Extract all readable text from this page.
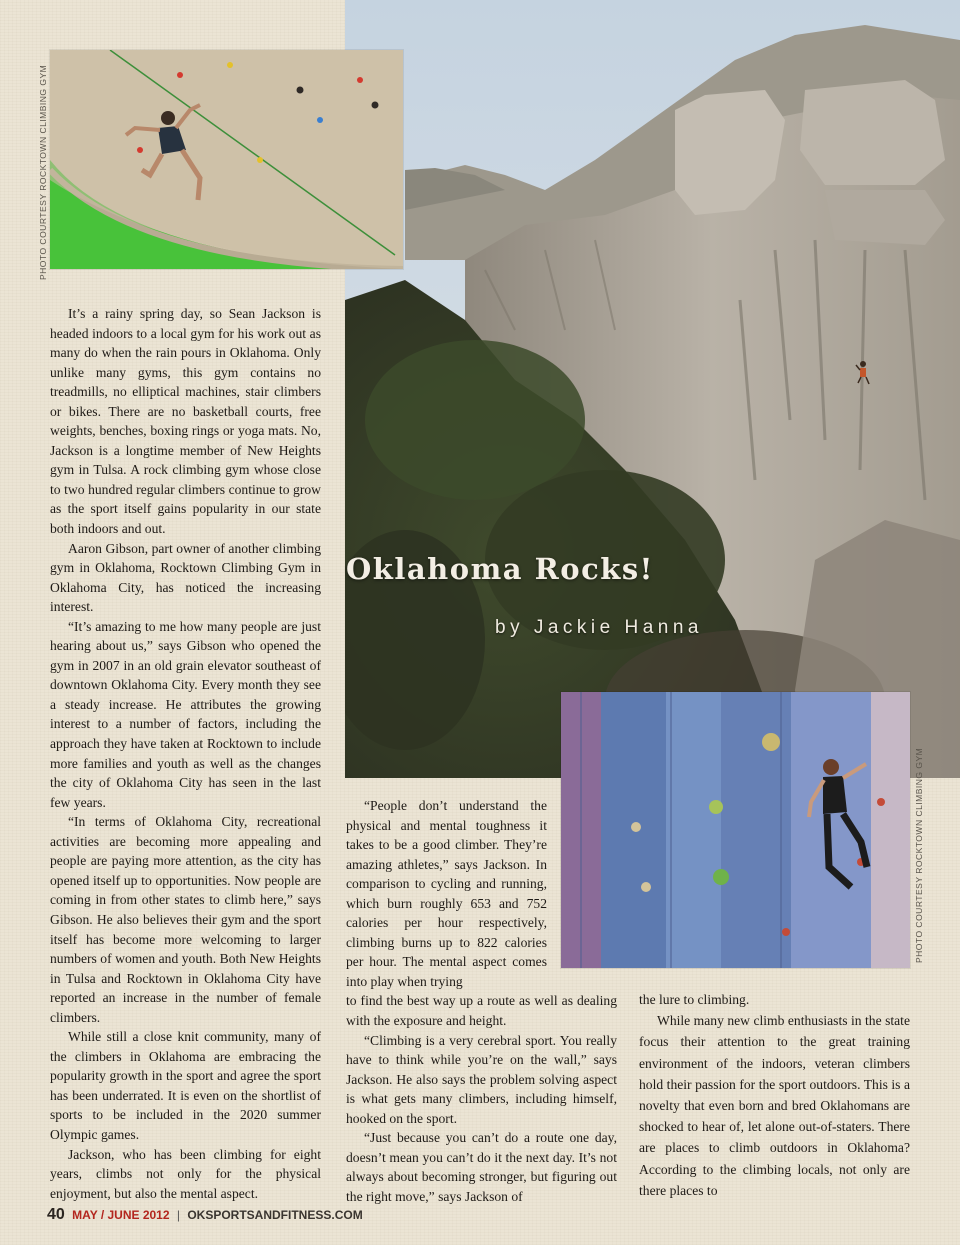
Oklahoma Rocks!
by Jackie Hanna
PHOTO COURTESY ROCKTOWN CLIMBING GYM
PHOTO COURTESY ROCKTOWN CLIMBING GYM

It’s a rainy spring day, so Sean Jackson is headed indoors to a local gym for his work out as many do when the rain pours in Oklahoma. Only unlike many gyms, this gym contains no treadmills, no elliptical machines, stair climbers or bikes. There are no basketball courts, free weights, benches, boxing rings or yoga mats. No, Jackson is a longtime member of New Heights gym in Tulsa. A rock climbing gym whose close to two hundred regular climbers continue to grow as the sport itself gains popularity in our state both indoors and out.

Aaron Gibson, part owner of another climbing gym in Oklahoma, Rocktown Climbing Gym in Oklahoma City, has noticed the increasing interest.

“It’s amazing to me how many people are just hearing about us,” says Gibson who opened the gym in 2007 in an old grain elevator southeast of downtown Oklahoma City. Every month they see a steady increase. He attributes the growing interest to a number of factors, including the approach they have taken at Rocktown to include more families and youth as well as the changes the city of Oklahoma City has seen in the last few years.

“In terms of Oklahoma City, recreational activities are becoming more appealing and people are paying more attention, as the city has opened itself up to opportunities. Now people are coming in from other states to climb here,” says Gibson. He also believes their gym and the sport itself has become more welcoming to larger numbers of women and youth. Both New Heights in Tulsa and Rocktown in Oklahoma City have reported an increase in the number of female climbers.

While still a close knit community, many of the climbers in Oklahoma are embracing the popularity growth in the sport and agree the sport has been underrated. It is even on the shortlist of sports to be included in the 2020 summer Olympic games.

Jackson, who has been climbing for eight years, climbs not only for the physical enjoyment, but also the mental aspect.

“People don’t understand the physical and mental toughness it takes to be a good climber. They’re amazing athletes,” says Jackson. In comparison to cycling and running, which burn roughly 653 and 752 calories per hour respectively, climbing burns up to 822 calories per hour. The mental aspect comes into play when trying
to find the best way up a route as well as dealing with the exposure and height.

“Climbing is a very cerebral sport. You really have to think while you’re on the wall,” says Jackson. He also says the problem solving aspect is what gets many climbers, including himself, hooked on the sport.

“Just because you can’t do a route one day, doesn’t mean you can’t do it the next day. It’s not always about becoming stronger, but figuring out the right move,” says Jackson of

the lure to climbing.

While many new climb enthusiasts in the state focus their attention to the great training environment of the indoors, veteran climbers hold their passion for the sport outdoors. This is a novelty that even born and bred Oklahomans are shocked to hear of, let alone out-of-staters. There are places to climb outdoors in Oklahoma? According to the climbing locals, not only are there places to

40 MAY / JUNE 2012 | OKSPORTSANDFITNESS.COM
